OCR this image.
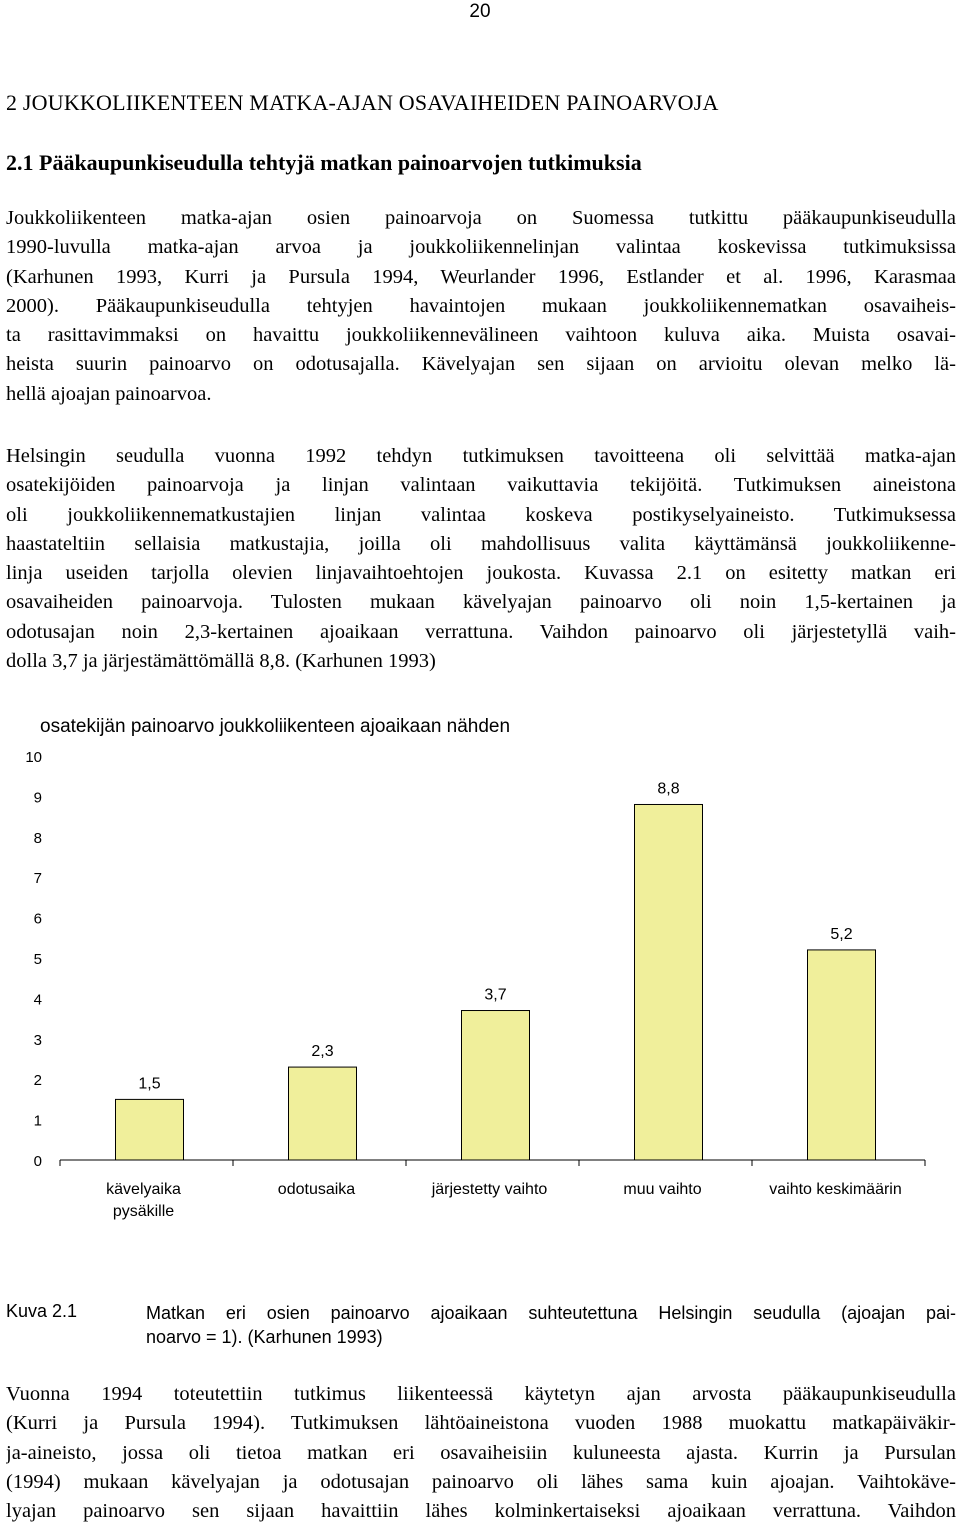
20
2 JOUKKOLIIKENTEEN MATKA-AJAN OSAVAIHEIDEN PAINOARVOJA
2.1 Pääkaupunkiseudulla tehtyjä matkan painoarvojen tutkimuksia
Joukkoliikenteen matka-ajan osien painoarvoja on Suomessa tutkittu pääkaupunkiseudulla
1990-luvulla matka-ajan arvoa ja joukkoliikennelinjan valintaa koskevissa tutkimuksissa
(Karhunen 1993, Kurri ja Pursula 1994, Weurlander 1996, Estlander et al. 1996, Karasmaa
2000). Pääkaupunkiseudulla tehtyjen havaintojen mukaan joukkoliikennematkan osavaiheis-
ta rasittavimmaksi on havaittu joukkoliikennevälineen vaihtoon kuluva aika. Muista osavai-
heista suurin painoarvo on odotusajalla. Kävelyajan sen sijaan on arvioitu olevan melko lä-
hellä ajoajan painoarvoa.
Helsingin seudulla vuonna 1992 tehdyn tutkimuksen tavoitteena oli selvittää matka-ajan
osatekijöiden painoarvoja ja linjan valintaan vaikuttavia tekijöitä. Tutkimuksen aineistona
oli joukkoliikennematkustajien linjan valintaa koskeva postikyselyaineisto. Tutkimuksessa
haastateltiin sellaisia matkustajia, joilla oli mahdollisuus valita käyttämänsä joukkoliikenne-
linja useiden tarjolla olevien linjavaihtoehtojen joukosta. Kuvassa 2.1 on esitetty matkan eri
osavaiheiden painoarvoja. Tulosten mukaan kävelyajan painoarvo oli noin 1,5-kertainen ja
odotusajan noin 2,3-kertainen ajoaikaan verrattuna. Vaihdon painoarvo oli järjestetyllä vaih-
dolla 3,7 ja järjestämättömällä 8,8. (Karhunen 1993)
osatekijän painoarvo joukkoliikenteen ajoaikaan nähden
0
1
2
3
4
5
6
7
8
9
10
1,5
kävelyaika
pysäkille
2,3
odotusaika
3,7
järjestetty vaihto
8,8
muu vaihto
5,2
vaihto keskimäärin
Kuva 2.1	Matkan eri osien painoarvo ajoaikaan suhteutettuna Helsingin seudulla (ajoajan pai-
noarvo = 1). (Karhunen 1993)
Vuonna 1994 toteutettiin tutkimus liikenteessä käytetyn ajan arvosta pääkaupunkiseudulla
(Kurri ja Pursula 1994). Tutkimuksen lähtöaineistona vuoden 1988 muokattu matkapäiväkir-
ja-aineisto, jossa oli tietoa matkan eri osavaiheisiin kuluneesta ajasta. Kurrin ja Pursulan
(1994) mukaan kävelyajan ja odotusajan painoarvo oli lähes sama kuin ajoajan. Vaihtokäve-
lyajan painoarvo sen sijaan havaittiin lähes kolminkertaiseksi ajoaikaan verrattuna. Vaihdon
